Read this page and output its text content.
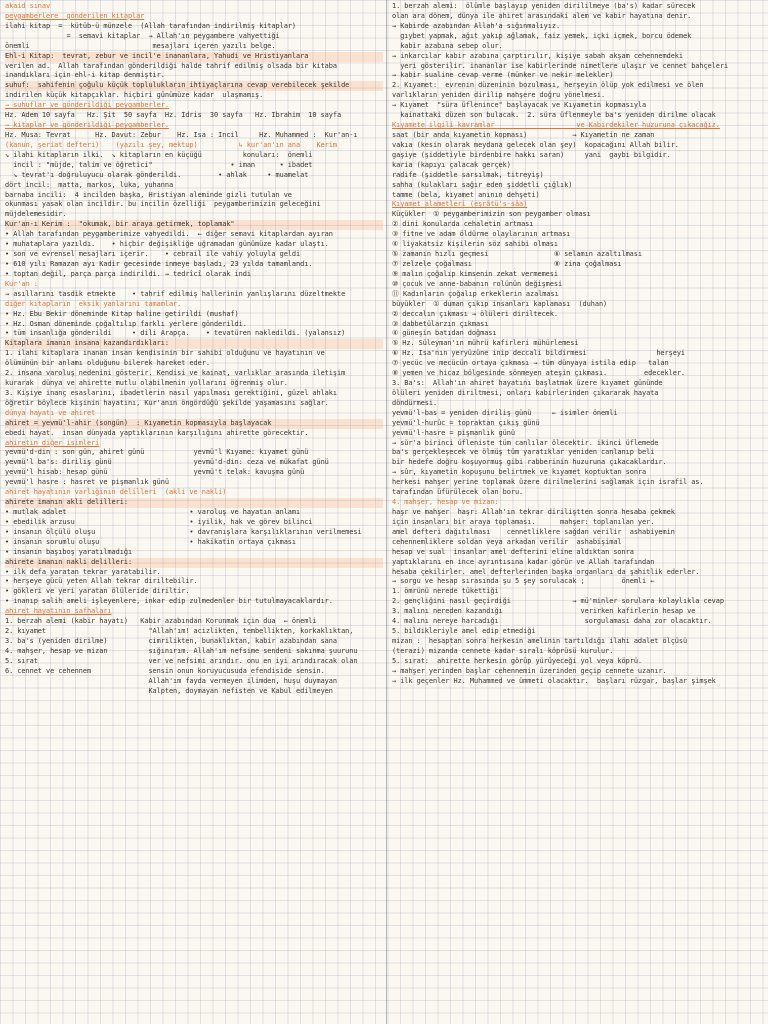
akaid sınav
peygamberlere  gönderilen kitaplar
ilahi kitap  =  kütüb-ü münzele  (Allah tarafından indirilmiş kitaplar)
=  semavi kitaplar  → Allah'ın peygambere vahyettiği
önemli                              mesajları içeren yazılı belge.
Ehl-i Kitap:  tevrat, zebur ve incil'e inananlara, Yahudi ve Hristiyanlara
verilen ad.  Allah tarafından gönderildiği halde tahrif edilmiş olsada bir kitaba
inandıkları için ehl-i kitap denmiştir.
suhuf:  sahifenin çoğulu küçük toplulukların ihtiyaçlarına cevap verebilecek şekilde
indirilen küçük kitapçıklar. hiçbiri günümüze kadar  ulaşmamış.
→ suhuflar ve gönderildiği peygamberler.
Hz. Adem 10 sayfa   Hz. Şit  50 sayfa  Hz. İdris  30 sayfa   Hz. İbrahim  10 sayfa
→ kitaplar ve gönderildiği peygamberler.
Hz. Musa: Tevrat      Hz. Davut: Zebur    Hz. İsa : İncil     Hz. Muhammed :  Kur'an-ı
(kanun, şeriat defteri)    (yazılı şey, mektup)          ↳ kur'an'ın ana    Kerim
↘ ilahi kitapların ilki.  ↘ kitapların en küçüğü          konuları:  önemli
incil : "müjde, talim ve öğretici"                   • iman      • ibadet
↘ tevrat'ı doğruluyucu olarak gönderildi.         • ahlak     • muamelat
dört incil:  matta, markos, luka, yuhanna
barnaba incili:  4 incilden başka, Hristiyan aleminde gizli tutulan ve
okunması yasak olan incildir. bu incilin özelliği  peygamberimizin geleceğini
müjdelemesidir.
Kur'an-ı Kerim :  "okumak, bir araya getirmek, toplamak"
• Allah tarafından peygamberimize vahyedildi.  ← diğer semavi kitaplardan ayıran
• muhataplara yazıldı.    • hiçbir değişikliğe uğramadan günümüze kadar ulaştı.
• son ve evrensel mesajları içerir.    • cebrail ile vahiy yoluyla geldi
• 610 yılı Ramazan ayı Kadir gecesinde inmeye başladı, 23 yılda tamamlandı.
• toptan değil, parça parça indirildi. → tedrîcî olarak indi
Kur'an :
→ asıllarını tasdik etmekte    • tahrif edilmiş hallerinin yanlışlarını düzeltmekte
diğer kitapların  eksik yanlarını tamamlar.
• Hz. Ebu Bekir döneminde Kitap haline getirildi (mushaf)
• Hz. Osman döneminde çoğaltılıp farklı yerlere gönderildi.
• tüm insanlığa gönderildi     • dili Arapça.    • tevatüren nakledildi. (yalansız)
Kitaplara imanın insana kazandırdıkları:
1. ilahi kitaplara inanan insan kendisinin bir sahibi olduğunu ve hayatının ve
ölümünün bir anlamı olduğunu bilerek hareket eder.
2. insana varoluş nedenini gösterir. Kendisi ve kainat, varlıklar arasında iletişim
kurarak  dünya ve ahirette mutlu olabilmenin yollarını öğrenmiş olur.
3. Kişiye inanç esaslarını, ibadetlerin nasıl yapılması gerektiğini, güzel ahlakı
öğretir böylece kişinin hayatını, Kur'anın öngördüğü şekilde yaşamasını sağlar.
dünya hayatı ve ahiret
ahiret = yevmü'l-ahir (songün)  : Kıyametin kopmasıyla başlayacak
ebedi hayat.  insan dünyada yaptıklarının karşılığını ahirette görecektir.
ahiretin diğer isimleri
yevmü'd-din : son gün, ahiret günü            yevmü'l Kıyame: kıyamet günü
yevmü'l ba's: diriliş günü                    yevmü'd-din: ceza ve mükafat günü
yevmü'l hisab: hesap günü                     yevmü't telak: kavuşma günü
yevmü'l hasre : hasret ve pişmanlık günü
ahiret hayatının varlığının delilleri  (akli ve nakli)
ahirete imanın akli delilleri:
• mutlak adalet                              • varoluş ve hayatın anlamı
• ebedilik arzusu                            • iyilik, hak ve görev bilinci
• insanın ölçülü oluşu                       • davranışlara karşılıklarının verilmemesi
• insanın sorumlu oluşu                      • hakikatin ortaya çıkması
• insanın başıboş yaratılmadığı
ahirete imanın nakli delilleri:
• ilk defa yaratan tekrar yaratabilir.
• herşeye gücü yeten Allah tekrar diriltebilir.
• gökleri ve yeri yaratan ölüleride diriltir.
• inanıp salih ameli işleyenlere, inkar edip zulmedenler bir tutulmayacaklardır.
ahiret hayatının safhaları
1. berzah alemi (kabir hayatı)   Kabir azabından Korunmak için dua  ← önemli
2. kıyamet                         "Allah'ım! acizlikten, tembellikten, korkaklıktan,
3. ba's (yeniden dirilme)          cimrilikten, bunaklıktan, kabir azabından sana
4. mahşer, hesap ve mizan          sığınırım. Allah'ım nefsime sendeni sakınma şuurunu
5. sırat                           ver ve nefsimi arındır. onu en iyi arındıracak olan
6. cennet ve cehennem              sensin onun koruyucusuda efendiside sensin.
Allah'ım fayda vermeyen ilimden, huşu duymayan
Kalpten, doymayan nefisten ve Kabul edilmeyen
1. berzah alemi:  ölümle başlayıp yeniden dirililmeye (ba's) kadar sürecek
olan ara dönem, dünya ile ahiret arasındaki alem ve kabir hayatına denir.
→ Kabirde azabından Allah'a sığınmalıyız.
gıybet yapmak, ağıt yakıp ağlamak, faiz yemek, içki içmek, borcu ödemek
kabir azabına sebep olur.
→ inkarcılar kabir azabına çarptırılır, kişiye sabah akşam cehennemdeki
yeri gösterilir. inananlar ise kabirlerinde nimetlere ulaşır ve cennet bahçeleri
→ kabir sualine cevap verme (münker ve nekir melekler)
2. Kıyamet:  evrenin düzeninin bozulması, herşeyin ölüp yok edilmesi ve ölen
varlıkların yeniden dirilip mahşere doğru yönelmesi.
→ Kıyamet  "süra üflenince" başlayacak ve Kıyametin kopmasıyla
kainattaki düzen son bulacak.  2. süra üflenmeyle ba's yeniden dirilme olacak
Kıyamete ilgili kavramlar                    ve Kabirdekiler huzuruna çıkacağız.
saat (bir anda kıyametin kopması)           → Kıyametin ne zaman
vakıa (kesin olarak meydana gelecek olan şey)  kopacağını Allah bilir.
gaşiye (şiddetiyle birdenbire hakkı saran)     yani  gaybi bilgidir.
karia (kapıyı çalacak gerçek)
radife (şiddetle sarsılmak, titreyiş)
sahha (kulakları sağır eden şiddetli çığlık)
tamme (bela, kıyamet anının dehşeti)
Kıyamet alametleri (eşrâtü's-sâa)
Küçükler  ① peygamberimizin son peygamber olması
② dini konularda cehaletin artması
③ fitne ve adam öldürme olaylarının artması
④ liyakatsiz kişilerin söz sahibi olması
⑤ zamanın hızlı geçmesi                ⑥ selamın azaltılması
⑦ zelzele çoğalması                    ⑧ zina çoğalması
⑨ malın çoğalıp kimsenin zekat vermemesi
⑩ çocuk ve anne-babanın rolünün değişmesi
⑪ Kadınların çoğalıp erkeklerin azalması
büyükler  ① duman çıkıp insanları kaplaması  (duhan)
② deccalın çıkması → ölüleri diriltecek.
③ dabbetülarzın çıkması
④ güneşin batıdan doğması
⑤ Hz. Süleyman'ın mührü kafirleri mühürlemesi
⑥ Hz. İsa'nın yeryüzüne inip deccali bildirmesi                 herşeyi
⑦ yecüc ve mecücün ortaya çıkması → tüm dünyaya istila edip   talan
⑧ yemen ve hicaz bölgesinde sönmeyen ateşin çıkması.         edecekler.
3. Ba's:  Allah'ın ahiret hayatını başlatmak üzere kıyamet gününde
ölüleri yeniden diriltmesi, onları kabirlerinden çıkararak hayata
döndürmesi.
yevmü'l-bas = yeniden diriliş günü     ← isimler önemli
yevmü'l-hurûc = topraktan çıkış günü
yevmü'l-hasre = pişmanlık günü
→ sür'a birinci üfleniste tüm canlılar ölecektir. ikinci üflemede
ba's gerçekleşecek ve ölmüş tüm yaratıklar yeniden canlanıp beli
bir hedefe doğru koşuyormuş gibi rabberinin huzuruna çıkacaklardır.
→ sûr, kıyametin kopuşunu belirtmek ve kıyamet koptuktan sonra
herkesi mahşer yerine toplamak üzere dirilmelerini sağlamak için israfil as.
tarafından üfürülecek olan boru.
4. mahşer, hesap ve mizan:
haşr ve mahşer  haşr: Allah'ın tekrar diriliştten sonra hesaba çekmek
için insanları bir araya toplaması.      mahşer: toplanılan yer.
amel defteri dağıtılması    cennetliklere sağdan verilir  ashabiyemin
cehennemliklere soldan veya arkadan verilir  ashabişimal
hesap ve sual  insanlar amel defterini eline aldıktan sonra
yaptıklarını en ince ayrıntısına kadar görür ve Allah tarafından
hesaba çekilirler. amel defterlerinden başka organları da şahitlik ederler.
→ sorgu ve hesap sırasında şu 5 şey sorulacak ;         önemli ←
1. ömrünü nerede tükettiği
2. gençliğini nasıl geçirdiği               → mü'minler sorulara kolaylıkla cevap
3. malını nereden kazandığı                   verirken kafirlerin hesap ve
4. malını nereye harcadığı                     sorgulaması daha zor olacaktır.
5. bildikleriyle amel edip etmediği
mizan :  hesaptan sonra herkesin amelinin tartıldığı ilahi adalet ölçüsü
(terazi) mizanda cennete kadar sıralı köprüsü kurulur.
5. sırat:  ahirette herkesin görüp yürüyeceği yol veya köprü.
→ mahşer yerinden başlar cehennemin üzerinden geçip cennete uzanır.
→ ilk geçenler Hz. Muhammed ve ümmeti olacaktır.  başları rüzgar, başlar şimşek
